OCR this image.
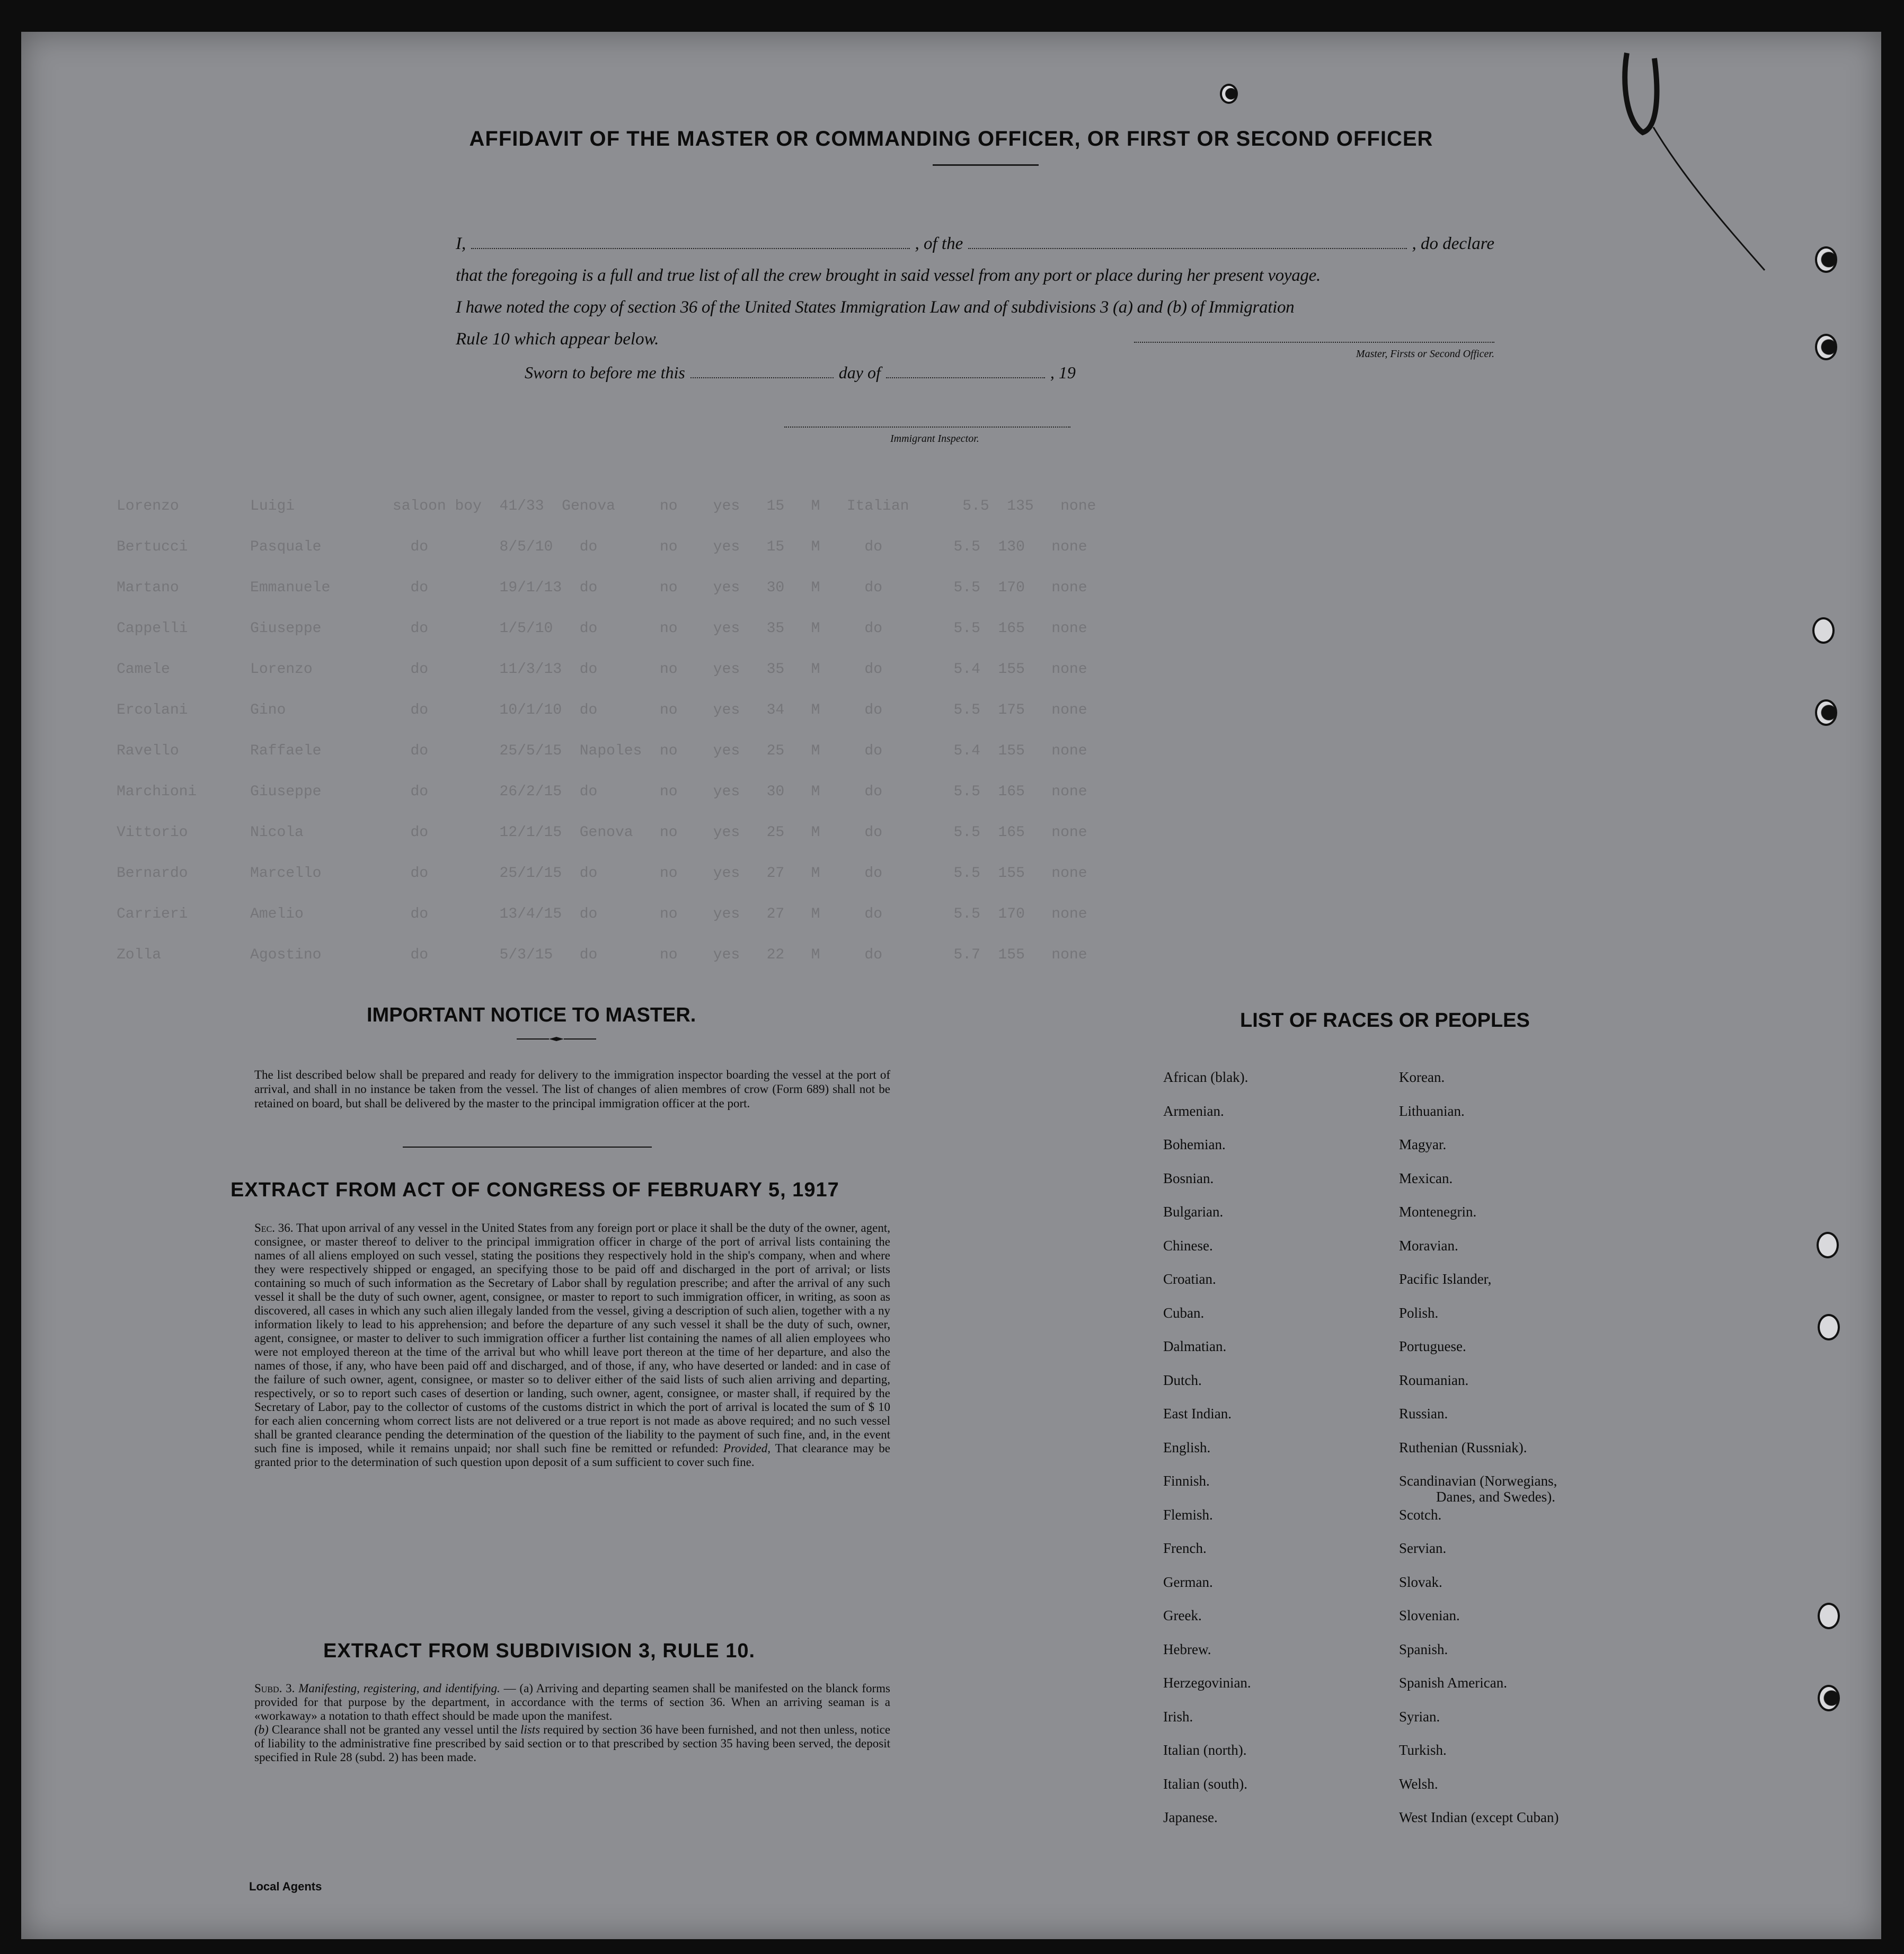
Lorenzo        Luigi           saloon boy  41/33  Genova     no    yes   15   M   Italian      5.5  135   none
Bertucci       Pasquale          do        8/5/10   do       no    yes   15   M     do        5.5  130   none
Martano        Emmanuele         do        19/1/13  do       no    yes   30   M     do        5.5  170   none
Cappelli       Giuseppe          do        1/5/10   do       no    yes   35   M     do        5.5  165   none
Camele         Lorenzo           do        11/3/13  do       no    yes   35   M     do        5.4  155   none
Ercolani       Gino              do        10/1/10  do       no    yes   34   M     do        5.5  175   none
Ravello        Raffaele          do        25/5/15  Napoles  no    yes   25   M     do        5.4  155   none
Marchioni      Giuseppe          do        26/2/15  do       no    yes   30   M     do        5.5  165   none
Vittorio       Nicola            do        12/1/15  Genova   no    yes   25   M     do        5.5  165   none
Bernardo       Marcello          do        25/1/15  do       no    yes   27   M     do        5.5  155   none
Carrieri       Amelio            do        13/4/15  do       no    yes   27   M     do        5.5  170   none
Zolla          Agostino          do        5/3/15   do       no    yes   22   M     do        5.7  155   none

AFFIDAVIT OF THE MASTER OR COMMANDING OFFICER, OR FIRST OR SECOND OFFICER
I,	, of the	, do declare
that the foregoing is a full and true list of all the crew brought in said vessel from any port or place during her present voyage.
I hawe noted the copy of section 36 of the United States Immigration Law and of subdivisions 3 (a) and (b) of Immigration
Rule 10 which appear below.
Master, Firsts or Second Officer.
Sworn to before me this	day of	, 19
Immigrant Inspector.
IMPORTANT NOTICE TO MASTER.
The list described below shall be prepared and ready for delivery to the immigration inspector boarding the vessel at the port of arrival, and shall in no instance be taken from the vessel. The list of changes of alien membres of crow (Form 689) shall not be retained on board, but shall be delivered by the master to the principal immigration officer at the port.
EXTRACT FROM ACT OF CONGRESS OF FEBRUARY 5, 1917
Sec. 36. That upon arrival of any vessel in the United States from any foreign port or place it shall be the duty of the owner, agent, consignee, or master thereof to deliver to the principal immigration officer in charge of the port of arrival lists containing the names of all aliens employed on such vessel, stating the positions they respectively hold in the ship's company, when and where they were respectively shipped or engaged, an specifying those to be paid off and discharged in the port of arrival; or lists containing so much of such information as the Secretary of Labor shall by regulation prescribe; and after the arrival of any such vessel it shall be the duty of such owner, agent, consignee, or master to report to such immigration officer, in writing, as soon as discovered, all cases in which any such alien illegaly landed from the vessel, giving a description of such alien, together with a ny information likely to lead to his apprehension; and before the departure of any such vessel it shall be the duty of such, owner, agent, consignee, or master to deliver to such immigration officer a further list containing the names of all alien employees who were not employed thereon at the time of the arrival but who whill leave port thereon at the time of her departure, and also the names of those, if any, who have been paid off and discharged, and of those, if any, who have deserted or landed: and in case of the failure of such owner, agent, consignee, or master so to deliver either of the said lists of such alien arriving and departing, respectively, or so to report such cases of desertion or landing, such owner, agent, consignee, or master shall, if required by the Secretary of Labor, pay to the collector of customs of the customs district in which the port of arrival is located the sum of $ 10 for each alien concerning whom correct lists are not delivered or a true report is not made as above required; and no such vessel shall be granted clearance pending the determination of the question of the liability to the payment of such fine, and, in the event such fine is imposed, while it remains unpaid; nor shall such fine be remitted or refunded: Provided, That clearance may be granted prior to the determination of such question upon deposit of a sum sufficient to cover such fine.
EXTRACT FROM SUBDIVISION 3, RULE 10.
Subd. 3. Manifesting, registering, and identifying. — (a) Arriving and departing seamen shall be manifested on the blanck forms provided for that purpose by the department, in accordance with the terms of section 36. When an arriving seaman is a «workaway» a notation to thath effect should be made upon the manifest.
(b) Clearance shall not be granted any vessel until the lists required by section 36 have been furnished, and not then unless, notice of liability to the administrative fine prescribed by said section or to that prescribed by section 35 having been served, the deposit specified in Rule 28 (subd. 2) has been made.
LIST OF RACES OR PEOPLES
African (blak).
Armenian.
Bohemian.
Bosnian.
Bulgarian.
Chinese.
Croatian.
Cuban.
Dalmatian.
Dutch.
East Indian.
English.
Finnish.
Flemish.
French.
German.
Greek.
Hebrew.
Herzegovinian.
Irish.
Italian (north).
Italian (south).
Japanese.
Korean.
Lithuanian.
Magyar.
Mexican.
Montenegrin.
Moravian.
Pacific Islander,
Polish.
Portuguese.
Roumanian.
Russian.
Ruthenian (Russniak).
Scandinavian (Norwegians,
Danes, and Swedes).
Scotch.
Servian.
Slovak.
Slovenian.
Spanish.
Spanish American.
Syrian.
Turkish.
Welsh.
West Indian (except Cuban)
Local Agents
